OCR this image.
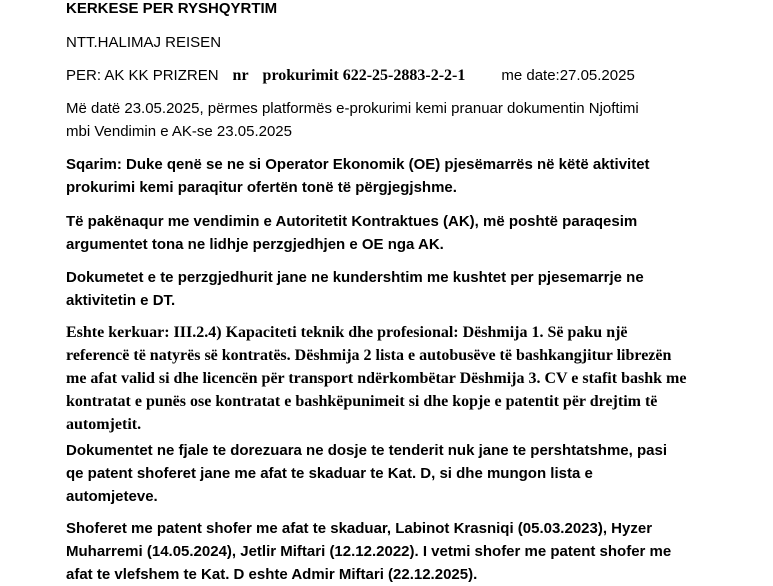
KERKESE PER RYSHQYRTIM
NTT.HALIMAJ REISEN
PER: AK KK PRIZREN nr prokurimit 622-25-2883-2-2-1 me date:27.05.2025
Më datë 23.05.2025, përmes platformës e-prokurimi kemi pranuar dokumentin Njoftimi
mbi Vendimin e AK-se 23.05.2025
Sqarim: Duke qenë se ne si Operator Ekonomik (OE) pjesëmarrës në këtë aktivitet
prokurimi kemi paraqitur ofertën tonë të përgjegjshme.
Të pakënaqur me vendimin e Autoritetit Kontraktues (AK), më poshtë paraqesim
argumentet tona ne lidhje perzgjedhjen e OE nga AK.
Dokumetet e te perzgjedhurit jane ne kundershtim me kushtet per pjesemarrje ne
aktivitetin e DT.
Eshte kerkuar: III.2.4) Kapaciteti teknik dhe profesional: Dëshmija 1. Së paku një
referencë të natyrës së kontratës. Dëshmija 2 lista e autobusëve të bashkangjitur librezën
me afat valid si dhe licencën për transport ndërkombëtar Dëshmija 3. CV e stafit bashk me
kontratat e punës ose kontratat e bashkëpunimeit si dhe kopje e patentit për drejtim të
automjetit.
Dokumentet ne fjale te dorezuara ne dosje te tenderit nuk jane te pershtatshme, pasi
qe patent shoferet jane me afat te skaduar te Kat. D, si dhe mungon lista e
automjeteve.
Shoferet me patent shofer me afat te skaduar, Labinot Krasniqi (05.03.2023), Hyzer
Muharremi (14.05.2024), Jetlir Miftari (12.12.2022). I vetmi shofer me patent shofer me
afat te vlefshem te Kat. D eshte Admir Miftari (22.12.2025).
